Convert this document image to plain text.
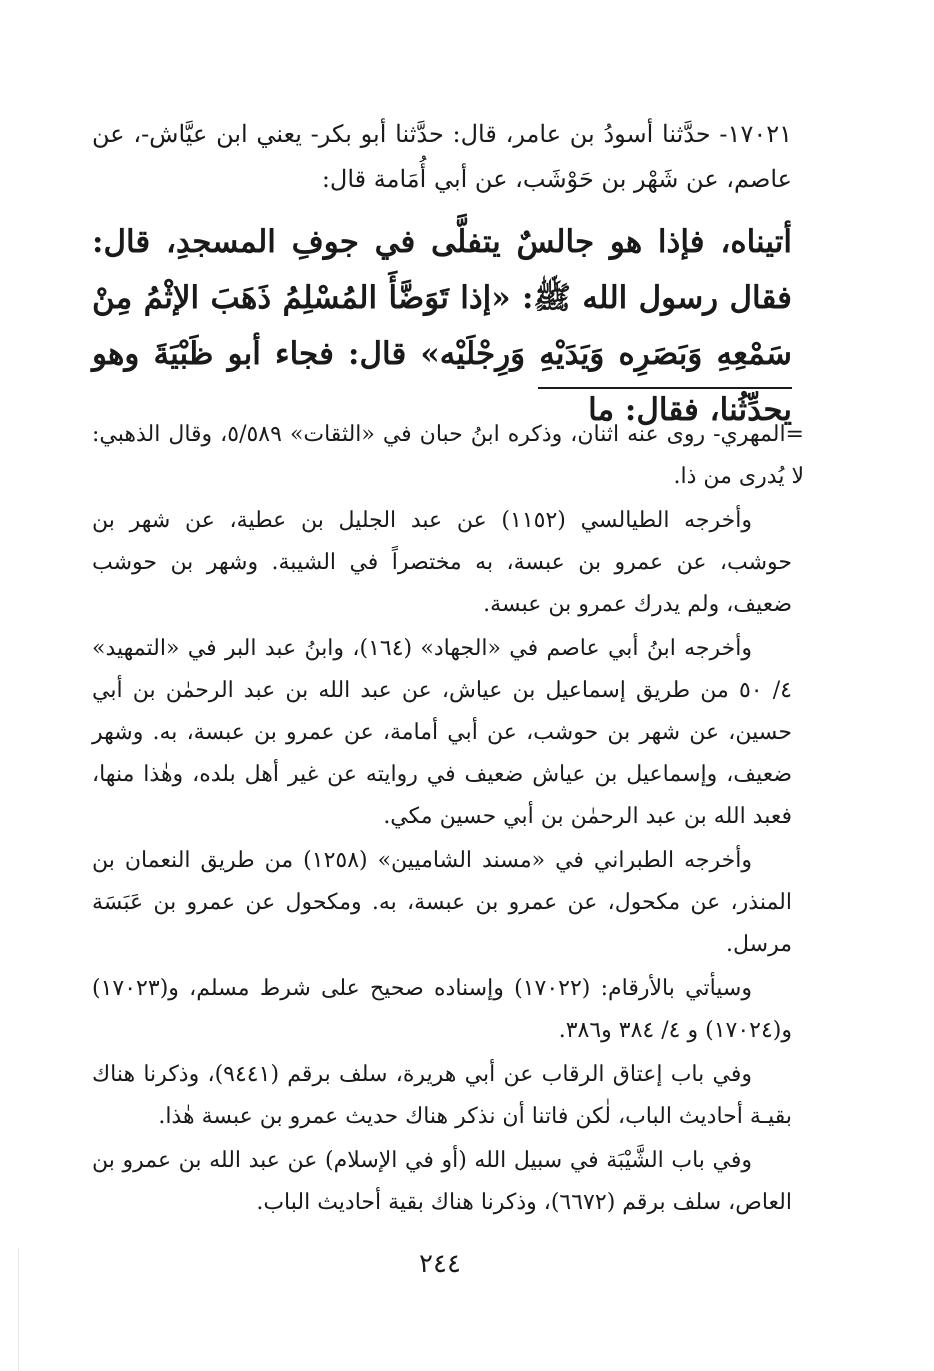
١٧٠٢١- حدَّثنا أسودُ بن عامر، قال: حدَّثنا أبو بكر- يعني ابن عيَّاش-، عن عاصم، عن شَهْر بن حَوْشَب، عن أبي أُمَامة قال:
أتيناه، فإذا هو جالسٌ يتفلَّى في جوفِ المسجدِ، قال: فقال رسول الله ﷺ: «إذا تَوَضَّأَ المُسْلِمُ ذَهَبَ الإثْمُ مِنْ سَمْعِهِ وَبَصَرِه وَيَدَيْهِ وَرِجْلَيْه» قال: فجاء أبو ظَبْيَةَ وهو يحدِّثُنا، فقال: ما

=المهري- روى عنه اثنان، وذكره ابنُ حبان في «الثقات» ٥/٥٨٩، وقال الذهبي: لا يُدرى من ذا.

وأخرجه الطيالسي (١١٥٢) عن عبد الجليل بن عطية، عن شهر بن حوشب، عن عمرو بن عبسة، به مختصراً في الشيبة. وشهر بن حوشب ضعيف، ولم يدرك عمرو بن عبسة.

وأخرجه ابنُ أبي عاصم في «الجهاد» (١٦٤)، وابنُ عبد البر في «التمهيد» ٤/ ٥٠ من طريق إسماعيل بن عياش، عن عبد الله بن عبد الرحمٰن بن أبي حسين، عن شهر بن حوشب، عن أبي أمامة، عن عمرو بن عبسة، به. وشهر ضعيف، وإسماعيل بن عياش ضعيف في روايته عن غير أهل بلده، وهٰذا منها، فعبد الله بن عبد الرحمٰن بن أبي حسين مكي.

وأخرجه الطبراني في «مسند الشاميين» (١٢٥٨) من طريق النعمان بن المنذر، عن مكحول، عن عمرو بن عبسة، به. ومكحول عن عمرو بن عَبَسَة مرسل.

وسيأتي بالأرقام: (١٧٠٢٢) وإسناده صحيح على شرط مسلم، و(١٧٠٢٣) و(١٧٠٢٤) و ٤/ ٣٨٤ و٣٨٦.

وفي باب إعتاق الرقاب عن أبي هريرة، سلف برقم (٩٤٤١)، وذكرنا هناك بقيـة أحاديث الباب، لٰكن فاتنا أن نذكر هناك حديث عمرو بن عبسة هٰذا.

وفي باب الشَّيْبَة في سبيل الله (أو في الإسلام) عن عبد الله بن عمرو بن العاص، سلف برقم (٦٦٧٢)، وذكرنا هناك بقية أحاديث الباب.

٢٤٤
